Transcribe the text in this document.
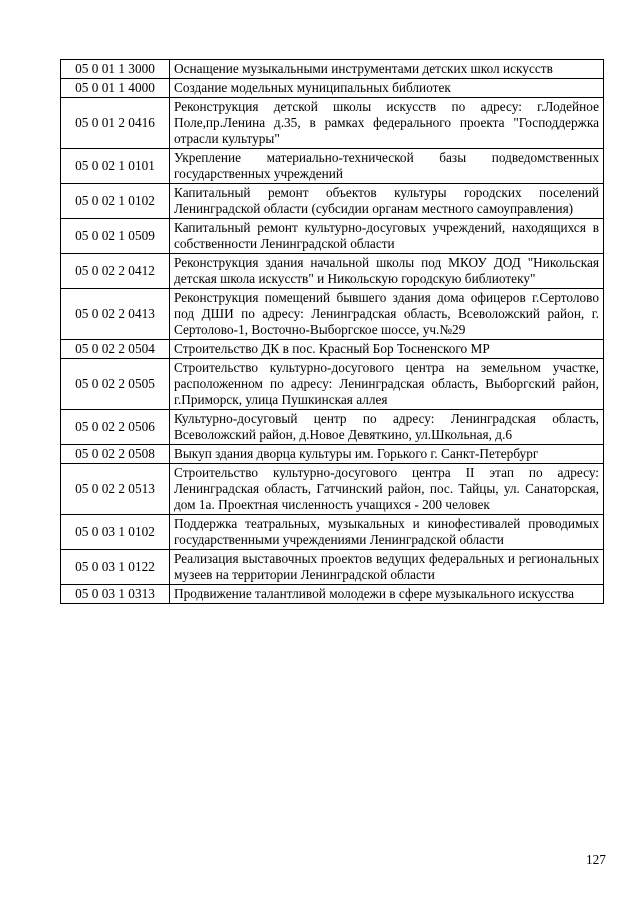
05 0 01 1 3000	Оснащение музыкальными инструментами детских школ искусств
05 0 01 1 4000	Создание модельных муниципальных библиотек
05 0 01 2 0416	Реконструкция детской школы искусств по адресу: г.Лодейное Поле,пр.Ленина д.35, в рамках федерального проекта "Господдержка отрасли культуры"
05 0 02 1 0101	Укрепление материально-технической базы подведомственных государственных учреждений
05 0 02 1 0102	Капитальный ремонт объектов культуры городских поселений Ленинградской области (субсидии органам местного самоуправления)
05 0 02 1 0509	Капитальный ремонт культурно-досуговых учреждений, находящихся в собственности Ленинградской области
05 0 02 2 0412	Реконструкция здания начальной школы под МКОУ ДОД "Никольская детская школа искусств" и Никольскую городскую библиотеку"
05 0 02 2 0413	Реконструкция помещений бывшего здания дома офицеров г.Сертолово под ДШИ по адресу: Ленинградская область, Всеволожский район, г. Сертолово-1, Восточно-Выборгское шоссе, уч.№29
05 0 02 2 0504	Строительство ДК в пос. Красный Бор Тосненского МР
05 0 02 2 0505	Строительство культурно-досугового центра на земельном участке, расположенном по адресу: Ленинградская область, Выборгский район, г.Приморск, улица Пушкинская аллея
05 0 02 2 0506	Культурно-досуговый центр по адресу: Ленинградская область, Всеволожский район, д.Новое Девяткино, ул.Школьная, д.6
05 0 02 2 0508	Выкуп здания дворца культуры им. Горького г. Санкт-Петербург
05 0 02 2 0513	Строительство культурно-досугового центра II этап по адресу: Ленинградская область, Гатчинский район, пос. Тайцы, ул. Санаторская, дом 1а. Проектная численность учащихся - 200 человек
05 0 03 1 0102	Поддержка театральных, музыкальных и кинофестивалей проводимых государственными учреждениями Ленинградской области
05 0 03 1 0122	Реализация выставочных проектов ведущих федеральных и региональных музеев на территории Ленинградской области
05 0 03 1 0313	Продвижение талантливой молодежи в сфере музыкального искусства
127
